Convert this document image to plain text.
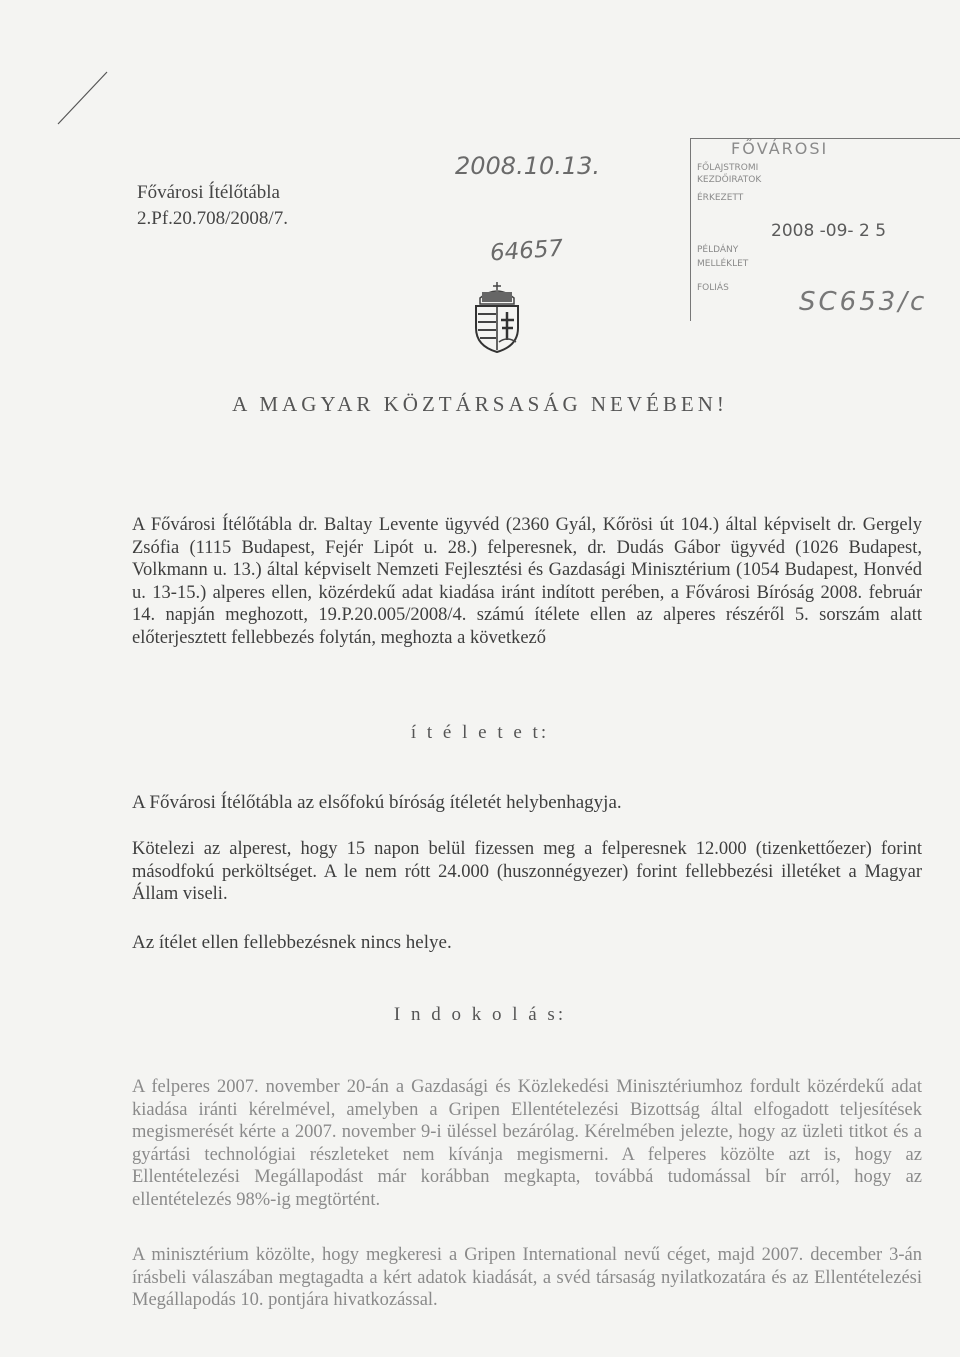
Fővárosi Ítélőtábla
2.Pf.20.708/2008/7.
2008.10.13.
64657
FŐVÁROSI
FŐLAJSTROMI
KEZDŐIRATOK
ÉRKEZETT
2008 -09- 2 5
PÉLDÁNY
MELLÉKLET
FOLIÁS	SC653/c
A MAGYAR KÖZTÁRSASÁG NEVÉBEN!
A Fővárosi Ítélőtábla dr. Baltay Levente ügyvéd (2360 Gyál, Kőrösi út 104.) által képviselt dr. Gergely Zsófia (1115 Budapest, Fejér Lipót u. 28.) felperesnek, dr. Dudás Gábor ügyvéd (1026 Budapest, Volkmann u. 13.) által képviselt Nemzeti Fejlesztési és Gazdasági Minisztérium (1054 Budapest, Honvéd u. 13-15.) alperes ellen, közérdekű adat kiadása iránt indított perében, a Fővárosi Bíróság 2008. február 14. napján meghozott, 19.P.20.005/2008/4. számú ítélete ellen az alperes részéről 5. sorszám alatt előterjesztett fellebbezés folytán, meghozta a következő
í t é l e t e t:
A Fővárosi Ítélőtábla az elsőfokú bíróság ítéletét helybenhagyja.
Kötelezi az alperest, hogy 15 napon belül fizessen meg a felperesnek 12.000 (tizenkettőezer) forint másodfokú perköltséget. A le nem rótt 24.000 (huszonnégyezer) forint fellebbezési illetéket a Magyar Állam viseli.
Az ítélet ellen fellebbezésnek nincs helye.
I n d o k o l á s:
A felperes 2007. november 20-án a Gazdasági és Közlekedési Minisztériumhoz fordult közérdekű adat kiadása iránti kérelmével, amelyben a Gripen Ellentételezési Bizottság által elfogadott teljesítések megismerését kérte a 2007. november 9-i üléssel bezárólag. Kérelmében jelezte, hogy az üzleti titkot és a gyártási technológiai részleteket nem kívánja megismerni. A felperes közölte azt is, hogy az Ellentételezési Megállapodást már korábban megkapta, továbbá tudomással bír arról, hogy az ellentételezés 98%-ig megtörtént.
A minisztérium közölte, hogy megkeresi a Gripen International nevű céget, majd 2007. december 3-án írásbeli válaszában megtagadta a kért adatok kiadását, a svéd társaság nyilatkozatára és az Ellentételezési Megállapodás 10. pontjára hivatkozással.
